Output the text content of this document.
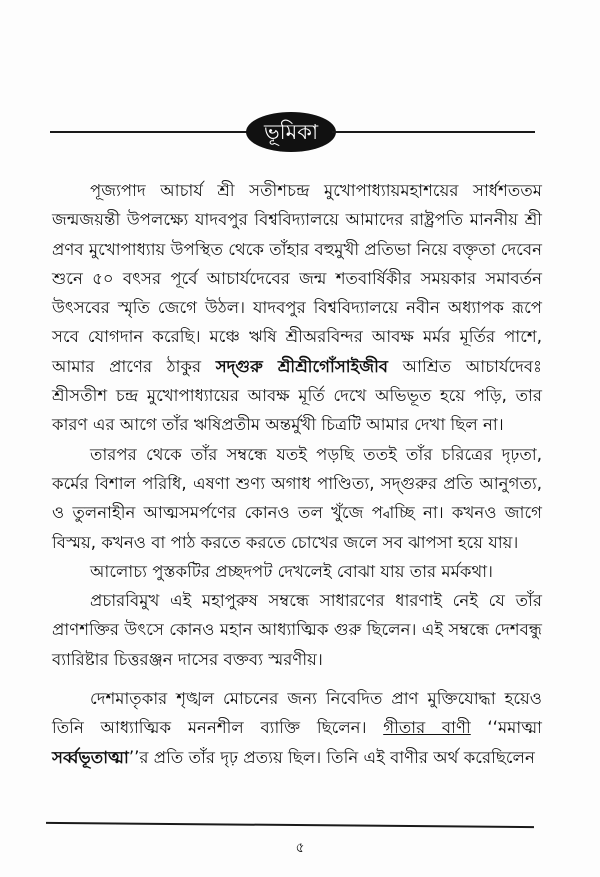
ভূমিকা

পূজ্যপাদ আচার্য শ্রী সতীশচন্দ্র মুখোপাধ্যায়মহাশয়ের সার্ধশততম জন্মজয়ন্তী উপলক্ষ্যে যাদবপুর বিশ্ববিদ্যালয়ে আমাদের রাষ্ট্রপতি মাননীয় শ্রী প্রণব মুখোপাধ্যায় উপস্থিত থেকে তাঁহার বহুমুখী প্রতিভা নিয়ে বক্তৃতা দেবেন শুনে ৫০ বৎসর পূর্বে আচার্যদেবের জন্ম শতবার্ষিকীর সময়কার সমাবর্তন উৎসবের স্মৃতি জেগে উঠল। যাদবপুর বিশ্ববিদ্যালয়ে নবীন অধ্যাপক রূপে সবে যোগদান করেছি। মঞ্চে ঋষি শ্রীঅরবিন্দর আবক্ষ মর্মর মূর্তির পাশে, আমার প্রাণের ঠাকুর সদ্‌গুরু শ্রীশ্রীগোঁসাইজীব আশ্রিত আচার্যদেবঃ শ্রীসতীশ চন্দ্র মুখোপাধ্যায়ের আবক্ষ মূর্তি দেখে অভিভূত হয়ে পড়ি, তার কারণ এর আগে তাঁর ঋষিপ্রতীম অন্তর্মুখী চিত্রটি আমার দেখা ছিল না।

তারপর থেকে তাঁর সম্বন্ধে যতই পড়ছি ততই তাঁর চরিত্রের দৃঢ়তা, কর্মের বিশাল পরিধি, এষণা শুণ্য অগাধ পাণ্ডিত্য, সদ্‌গুরুর প্রতি আনুগত্য, ও তুলনাহীন আত্মসমর্পণের কোনও তল খুঁজে প্বাচ্ছি না। কখনও জাগে বিস্ময়, কখনও বা পাঠ করতে করতে চোখের জলে সব ঝাপসা হয়ে যায়।

আলোচ্য পুস্তকটির প্রচ্ছদপট দেখলেই বোঝা যায় তার মর্মকথা।

প্রচারবিমুখ এই মহাপুরুষ সম্বন্ধে সাধারণের ধারণাই নেই যে তাঁর প্রাণশক্তির উৎসে কোনও মহান আধ্যাত্মিক গুরু ছিলেন। এই সম্বন্ধে দেশবন্ধু ব্যারিষ্টার চিত্তরঞ্জন দাসের বক্তব্য স্মরণীয়।

দেশমাতৃকার শৃঙ্খল মোচনের জন্য নিবেদিত প্রাণ মুক্তিযোদ্ধা হয়েও তিনি আধ্যাত্মিক মননশীল ব্যাক্তি ছিলেন। গীতার বাণী ‘‘মমাত্মা সর্ব্বভূতাত্মা’’র প্রতি তাঁর দৃঢ় প্রত্যয় ছিল। তিনি এই বাণীর অর্থ করেছিলেন

৫
